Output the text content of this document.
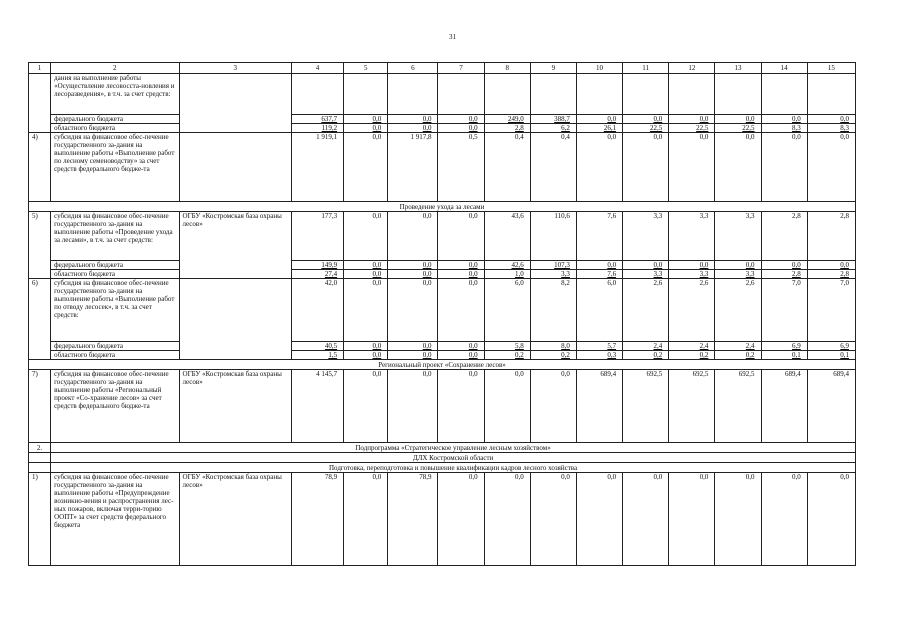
31
1	2	3	4	5	6	7	8	9	10	11	12	13	14	15
	дания на выполнение работы «Осуществление лесовосста-новления и лесоразведения», в т.ч. за счет средств:													
	федерального бюджета		637,7	0,0	0,0	0,0	249,0	388,7	0,0	0,0	0,0	0,0	0,0	0,0
	областного бюджета		119,2	0,0	0,0	0,0	2,8	6,2	26,1	22,5	22,5	22,5	8,3	8,3
4)	субсидия на финансовое обес-печение государственного за-дания на выполнение работы «Выполнение работ по лесному семеноводству» за счет средств федерального бюдже-та		1 919,1	0,0	1 917,8	0,5	0,4	0,4	0,0	0,0	0,0	0,0	0,0	0,0
Проведение ухода за лесами														
5)	субсидия на финансовое обес-печение государственного за-дания на выполнение работы «Проведение ухода за лесами», в т.ч. за счет средств:	ОГБУ «Костромская база охраны лесов»	177,3	0,0	0,0	0,0	43,6	110,6	7,6	3,3	3,3	3,3	2,8	2,8
	федерального бюджета		149,9	0,0	0,0	0,0	42,6	107,3	0,0	0,0	0,0	0,0	0,0	0,0
	областного бюджета		27,4	0,0	0,0	0,0	1,0	3,3	7,6	3,3	3,3	3,3	2,8	2,8
6)	субсидия на финансовое обес-печение государственного за-дания на выполнение работы «Выполнение работ по отводу лесосек», в т.ч. за счет средств:		42,0	0,0	0,0	0,0	6,0	8,2	6,0	2,6	2,6	2,6	7,0	7,0
	федерального бюджета		40,5	0,0	0,0	0,0	5,8	8,0	5,7	2,4	2,4	2,4	6,9	6,9
	областного бюджета		1,5	0,0	0,0	0,0	0,2	0,2	0,3	0,2	0,2	0,2	0,1	0,1
Региональный проект «Сохранение лесов»														
7)	субсидия на финансовое обес-печение государственного за-дания на выполнение работы «Региональный проект «Со-хранение лесов» за счет средств федерального бюдже-та	ОГБУ «Костромская база охраны лесов»	4 145,7	0,0	0,0	0,0	0,0	0,0	689,4	692,5	692,5	692,5	689,4	689,4
2.	Подпрограмма «Стратегическое управление лесным хозяйством»													
	ДЛХ Костромской области													
	Подготовка, переподготовка и повышение квалификации кадров лесного хозяйства													
1)	субсидия на финансовое обес-печение государственного за-дания на выполнение работы «Предупреждение возникно-вения и распространения лес-ных пожаров, включая терри-торию ООПТ» за счет средств федерального бюджета	ОГБУ «Костромская база охраны лесов»	78,9	0,0	78,9	0,0	0,0	0,0	0,0	0,0	0,0	0,0	0,0	0,0
